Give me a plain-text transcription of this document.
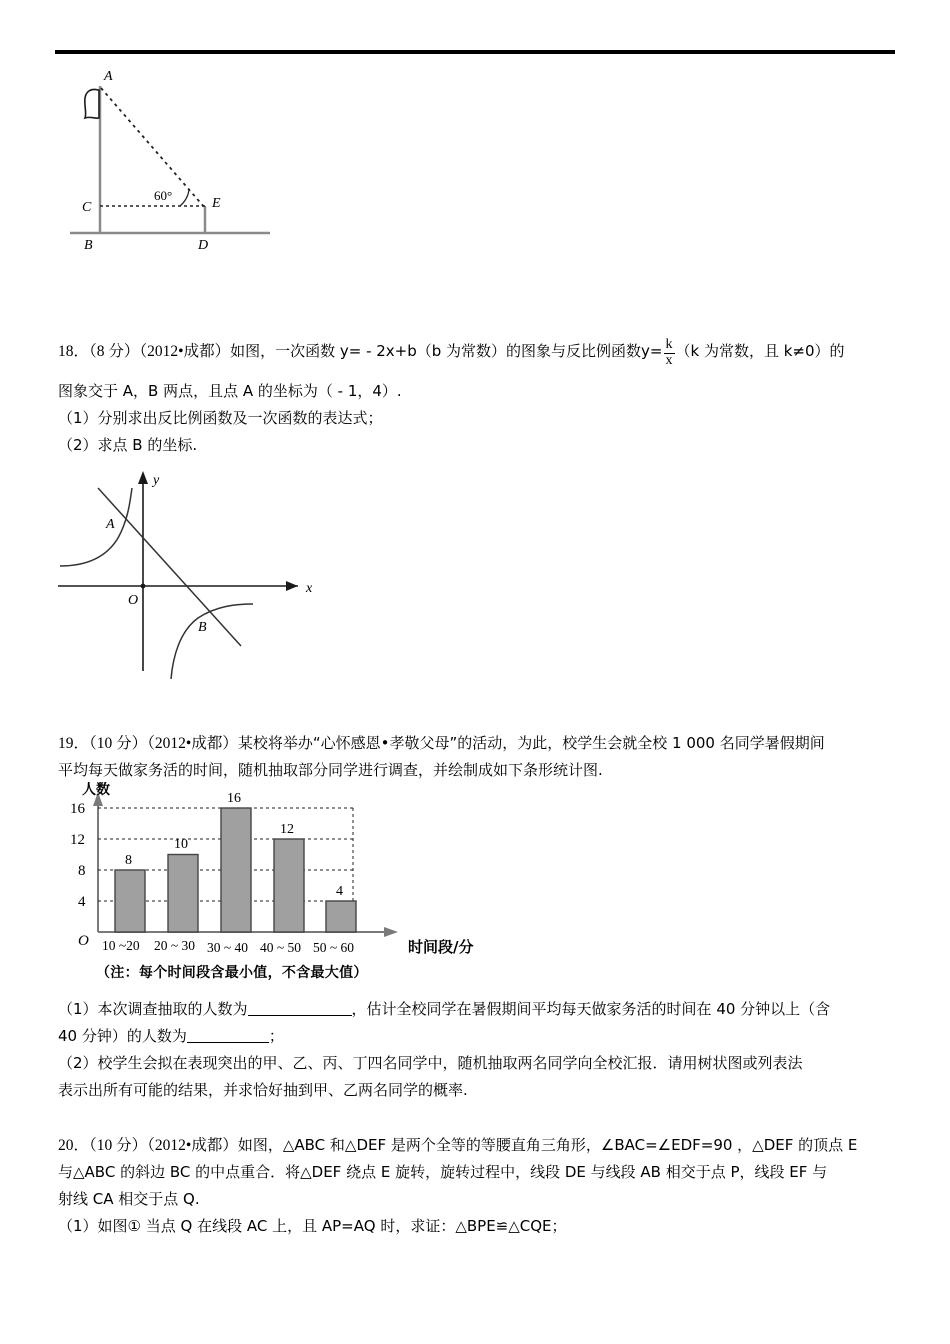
A
B
C
D
E
60°
18．（8 分）（2012•成都）如图，一次函数 y= - 2x+b（b 为常数）的图象与反比例函数$y= \frac{k}{x} (k$ 为常数，且 k≠0）的
图象交于 A，B 两点，且点 A 的坐标为（ - 1，4）.
（1）分别求出反比例函数及一次函数的表达式；
（2）求点 B 的坐标.
y
x
O
A
B
19．（10 分）（2012•成都）某校将举办“心怀感恩•孝敬父母”的活动，为此，校学生会就全校 1 000 名同学暑假期间
平均每天做家务活的时间，随机抽取部分同学进行调查，并绘制成如下条形统计图.
16
12
8
4
O
人数
8
10
16
12
4
10 ~20 20 ~ 30 30 ~ 40 40 ~ 50 50 ~ 60	时间段/分
（注：每个时间段含最小值，不含最大值）
（1）本次调查抽取的人数为	，估计全校同学在暑假期间平均每天做家务活的时间在 40 分钟以上（含
40 分钟）的人数为	；
（2）校学生会拟在表现突出的甲、乙、丙、丁四名同学中，随机抽取两名同学向全校汇报．请用树状图或列表法
表示出所有可能的结果，并求恰好抽到甲、乙两名同学的概率.
20．（10 分）（2012•成都）如图，△ABC 和△DEF 是两个全等的等腰直角三角形，∠BAC=∠EDF=90 ，△DEF 的顶点 E
与△ABC 的斜边 BC 的中点重合．将△DEF 绕点 E 旋转，旋转过程中，线段 DE 与线段 AB 相交于点 P，线段 EF 与
射线 CA 相交于点 Q.
（1）如图① 当点 Q 在线段 AC 上，且 AP=AQ 时，求证：△BPE≌△CQE；
